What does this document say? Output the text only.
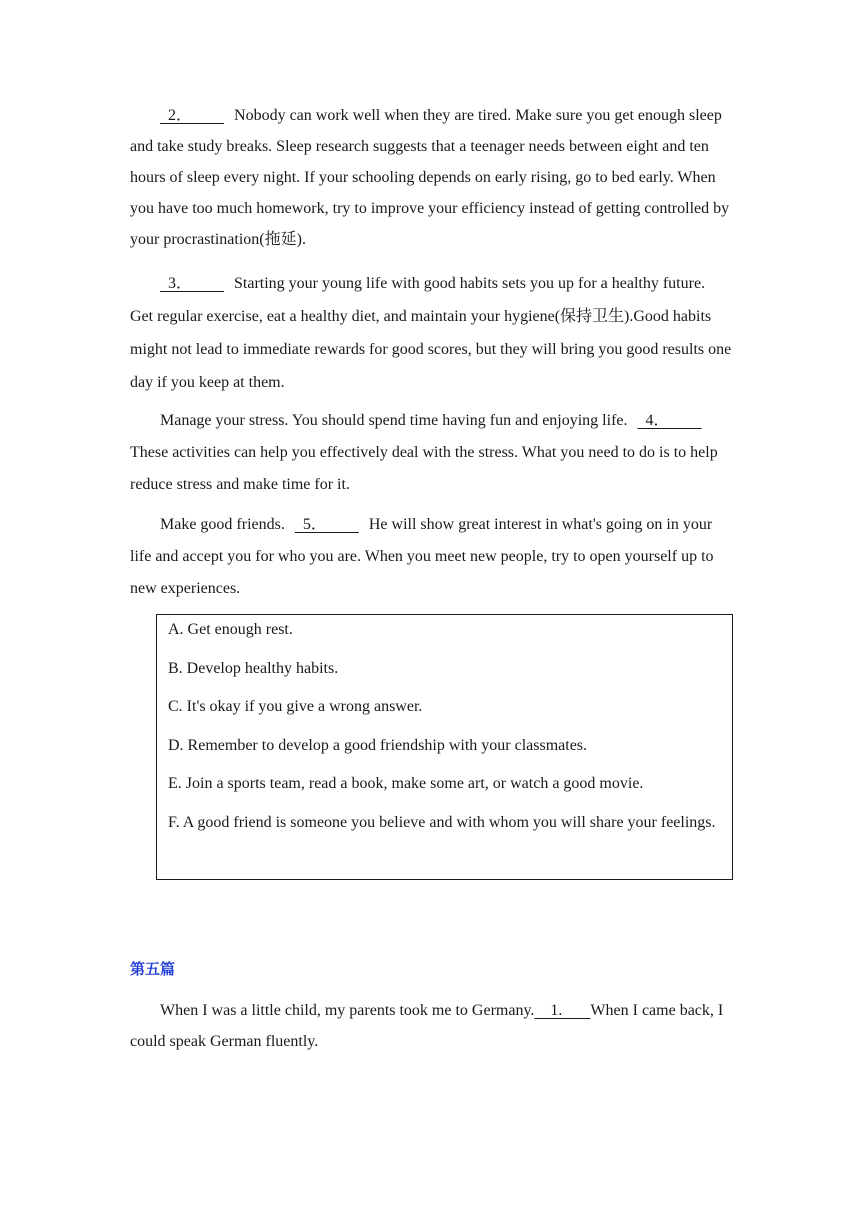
2．        Nobody can work well when they are tired. Make sure you get enough sleep and take study breaks. Sleep research suggests that a teenager needs between eight and ten hours of sleep every night. If your schooling depends on early rising, go to bed early. When you have too much homework, try to improve your efficiency instead of getting controlled by your procrastination(拖延).

3．        Starting your young life with good habits sets you up for a healthy future. Get regular exercise, eat a healthy diet, and maintain your hygiene(保持卫生).Good habits might not lead to immediate rewards for good scores, but they will bring you good results one day if you keep at them.

Manage your stress. You should spend time having fun and enjoying life.  4．        These activities can help you effectively deal with the stress. What you need to do is to help reduce stress and make time for it.

Make good friends.  5．        He will show great interest in what's going on in your life and accept you for who you are. When you meet new people, try to open yourself up to new experiences.

A. Get enough rest.

B. Develop healthy habits.

C. It's okay if you give a wrong answer.

D. Remember to develop a good friendship with your classmates.

E. Join a sports team, read a book, make some art, or watch a good movie.

F. A good friend is someone you believe and with whom you will share your feelings.

第五篇

When I was a little child, my parents took me to Germany.    1.       When I came back, I could speak German fluently.
